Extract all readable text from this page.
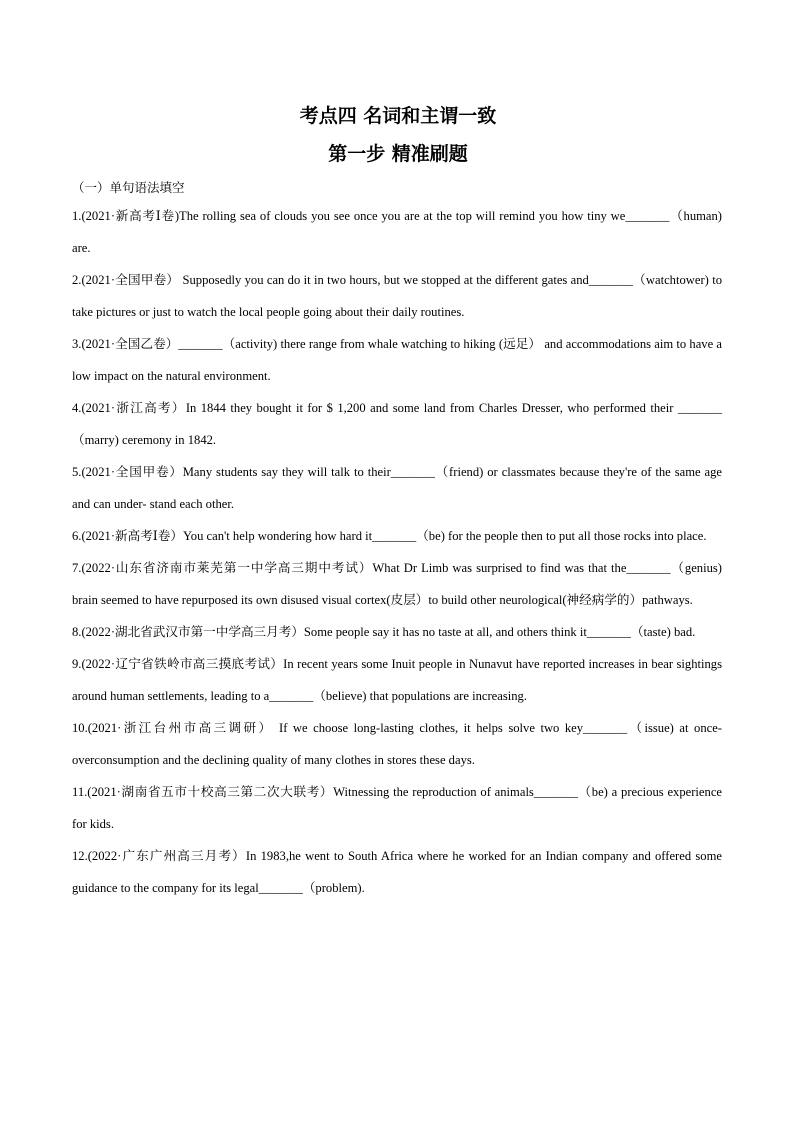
考点四 名词和主谓一致
第一步 精准刷题
（一）单句语法填空
1.(2021·新高考Ⅰ卷)The rolling sea of clouds you see once you are at the top will remind you how tiny we_______（human) are.
2.(2021·全国甲卷） Supposedly you can do it in two hours, but we stopped at the different gates and_______（watchtower) to take pictures or just to watch the local people going about their daily routines.
3.(2021·全国乙卷）_______（activity) there range from whale watching to hiking (远足） and accommodations aim to have a low impact on the natural environment.
4.(2021·浙江高考）In 1844 they bought it for $ 1,200 and some land from Charles Dresser, who performed their _______（marry) ceremony in 1842.
5.(2021·全国甲卷）Many students say they will talk to their_______（friend) or classmates because they're of the same age and can under- stand each other.
6.(2021·新高考Ⅰ卷）You can't help wondering how hard it_______（be) for the people then to put all those rocks into place.
7.(2022·山东省济南市莱芜第一中学高三期中考试）What Dr Limb was surprised to find was that the_______（genius) brain seemed to have repurposed its own disused visual cortex(皮层）to build other neurological(神经病学的）pathways.
8.(2022·湖北省武汉市第一中学高三月考）Some people say it has no taste at all, and others think it_______（taste) bad.
9.(2022·辽宁省铁岭市高三摸底考试）In recent years some Inuit people in Nunavut have reported increases in bear sightings around human settlements, leading to a_______（believe) that populations are increasing.
10.(2021·浙江台州市高三调研） If we choose long-lasting clothes, it helps solve two key_______（issue) at once-overconsumption and the declining quality of many clothes in stores these days.
11.(2021·湖南省五市十校高三第二次大联考）Witnessing the reproduction of animals_______（be) a precious experience for kids.
12.(2022·广东广州高三月考）In 1983,he went to South Africa where he worked for an Indian company and offered some guidance to the company for its legal_______（problem).
